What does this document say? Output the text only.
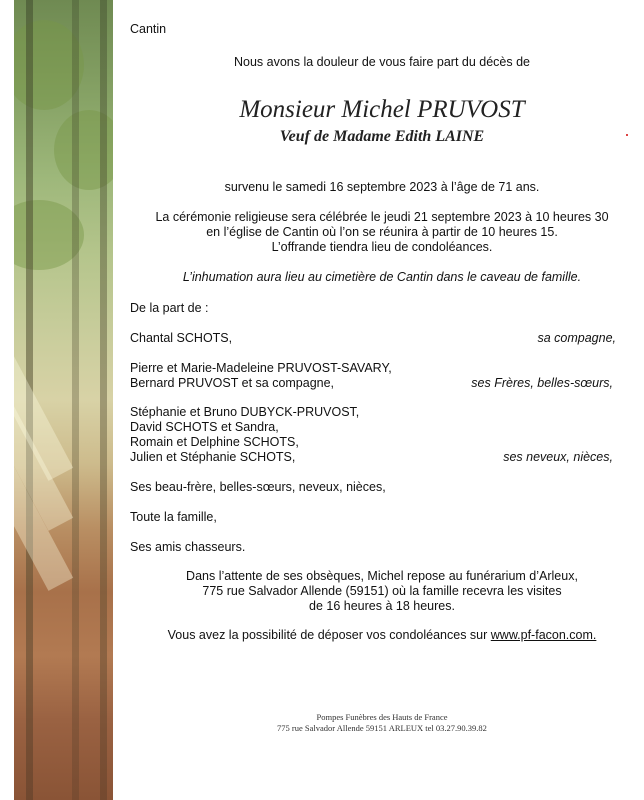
Cantin
Nous avons la douleur de vous faire part du décès de
Monsieur Michel PRUVOST
Veuf de Madame Edith LAINE
survenu le samedi 16 septembre 2023 à l’âge de 71 ans.
La cérémonie religieuse sera célébrée le jeudi 21 septembre 2023 à 10 heures 30
en l’église de Cantin où l’on se réunira à partir de 10 heures 15.
L’offrande tiendra lieu de condoléances.
L’inhumation aura lieu au cimetière de Cantin dans le caveau de famille.
De la part de :
Chantal SCHOTS,	sa compagne,
Pierre et Marie-Madeleine PRUVOST-SAVARY,
Bernard PRUVOST et sa compagne,	ses Frères, belles-sœurs,
Stéphanie et Bruno DUBYCK-PRUVOST,
David SCHOTS et Sandra,
Romain et Delphine SCHOTS,
Julien et Stéphanie SCHOTS,	ses neveux, nièces,
Ses beau-frère, belles-sœurs, neveux, nièces,
Toute la famille,
Ses amis chasseurs.
Dans l’attente de ses obsèques, Michel repose au funérarium d’Arleux,
775 rue Salvador Allende (59151) où la famille recevra les visites
de 16 heures à 18 heures.
Vous avez la possibilité de déposer vos condoléances sur www.pf-facon.com.
Pompes Funèbres des Hauts de France
775 rue Salvador Allende 59151 ARLEUX tel 03.27.90.39.82
